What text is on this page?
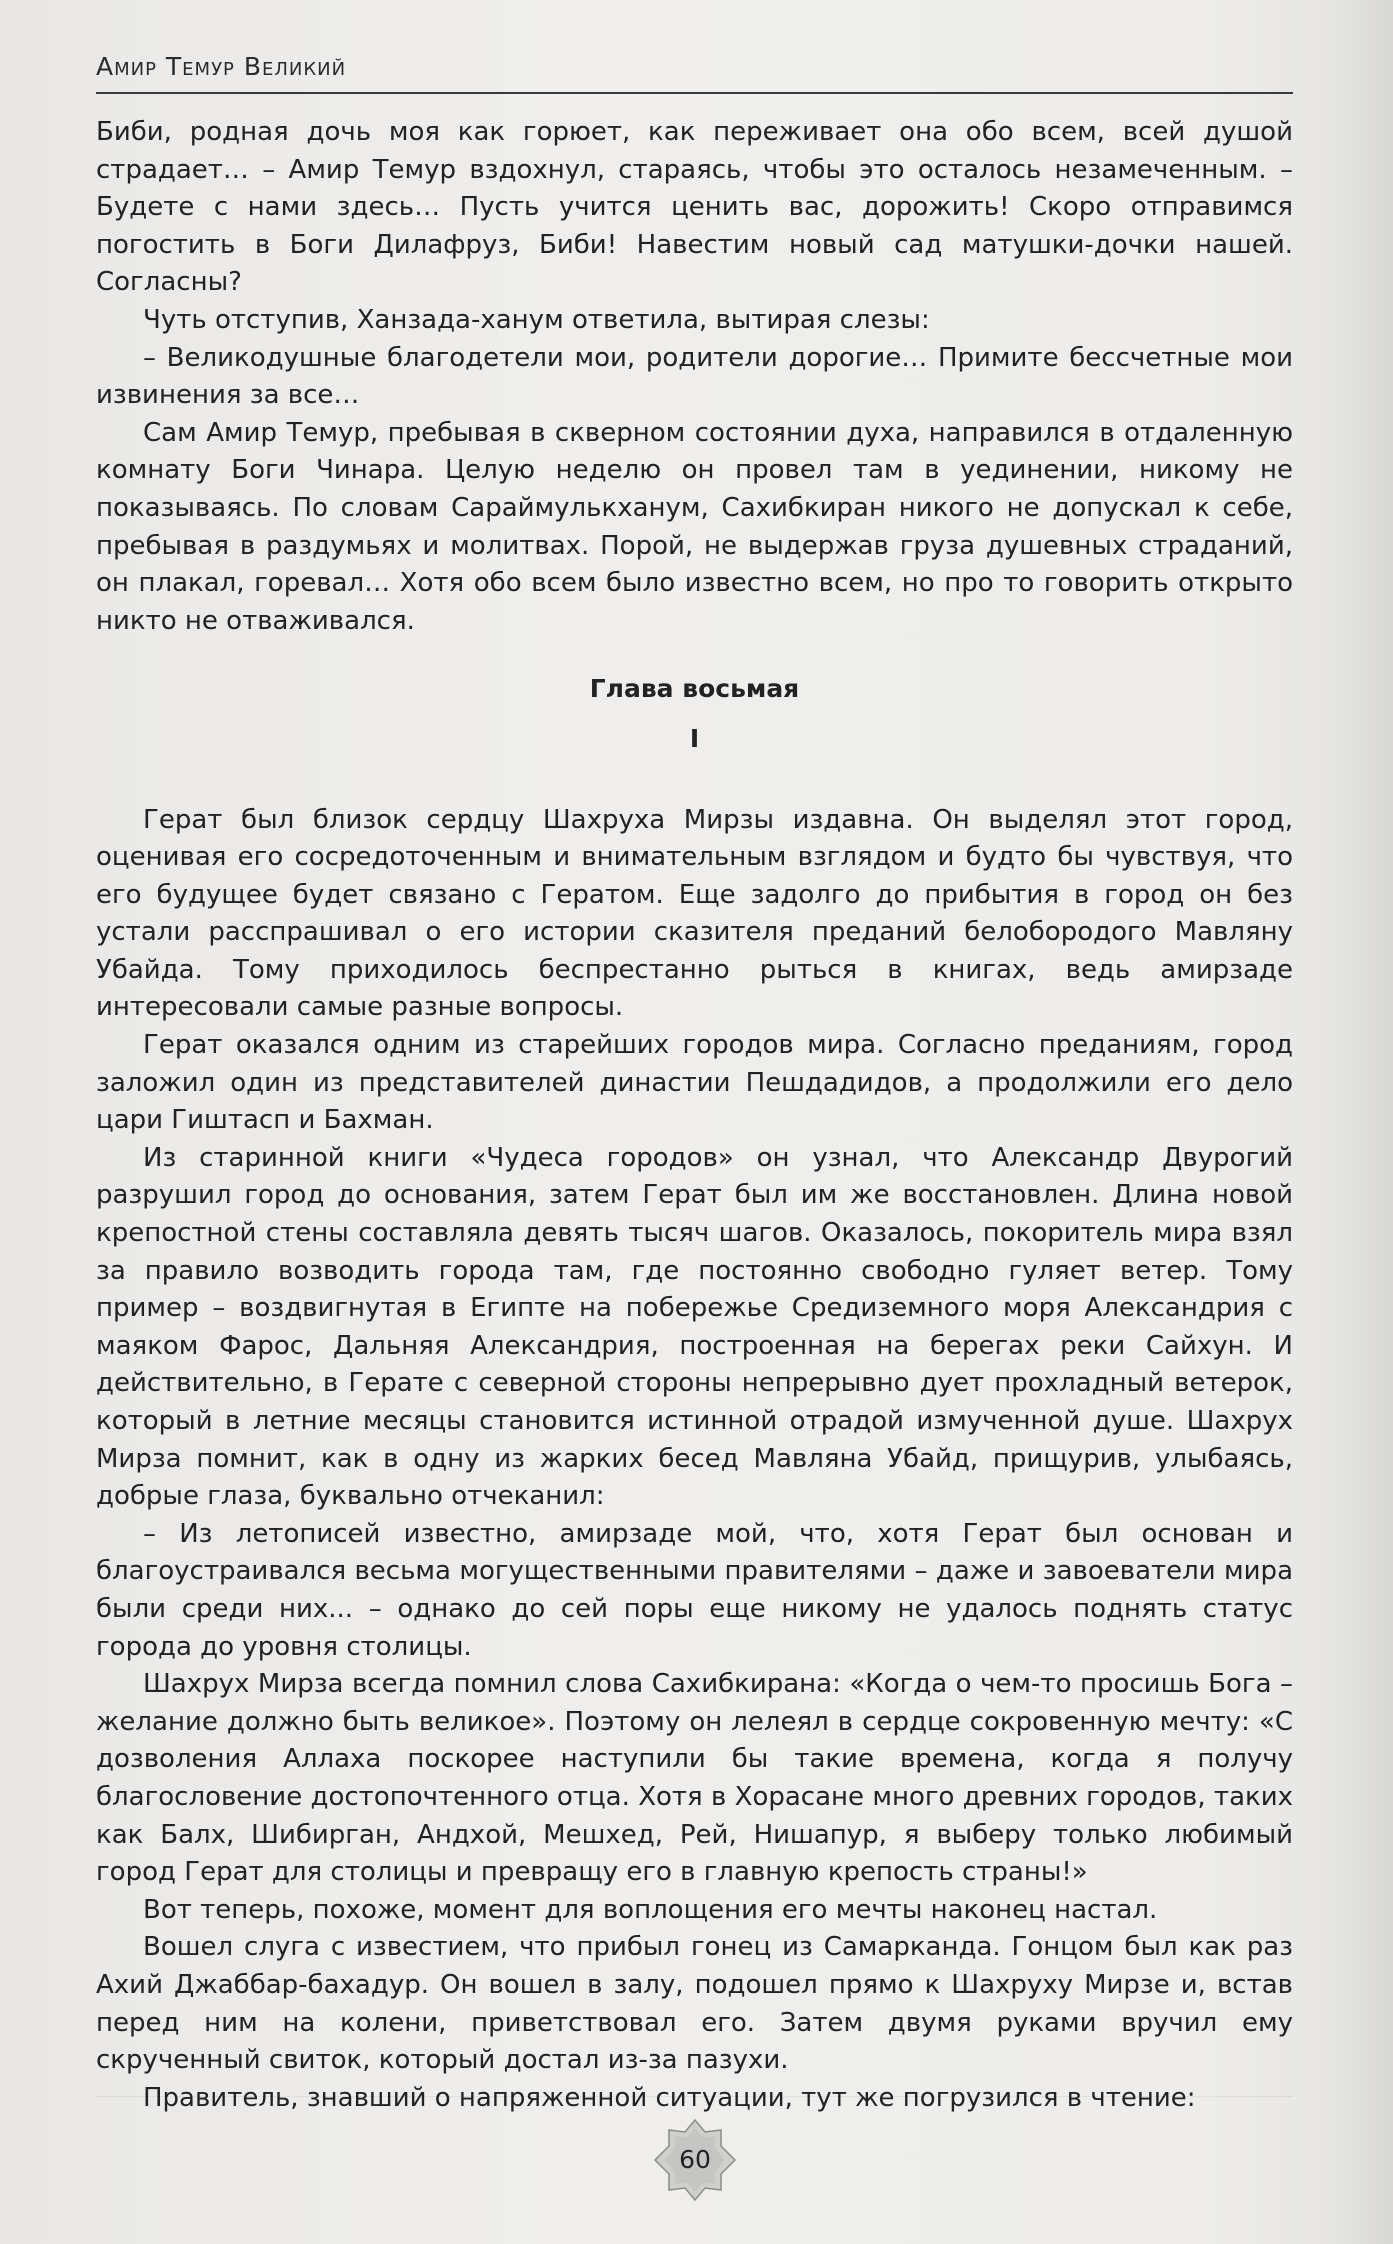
Амир Темур Великий

Биби, родная дочь моя как горюет, как переживает она обо всем, всей душой страдает… – Амир Темур вздохнул, стараясь, чтобы это осталось незамеченным. – Будете с нами здесь… Пусть учится ценить вас, дорожить! Скоро отправимся погостить в Боги Дилафруз, Биби! Навестим новый сад матушки-дочки нашей. Согласны?

Чуть отступив, Ханзада-ханум ответила, вытирая слезы:

– Великодушные благодетели мои, родители дорогие… Примите бессчетные мои извинения за все…

Сам Амир Темур, пребывая в скверном состоянии духа, направился в отдаленную комнату Боги Чинара. Целую неделю он провел там в уединении, никому не показываясь. По словам Сараймулькханум, Сахибкиран никого не допускал к себе, пребывая в раздумьях и молитвах. Порой, не выдержав груза душевных страданий, он плакал, горевал… Хотя обо всем было известно всем, но про то говорить открыто никто не отваживался.

Глава восьмая
I

Герат был близок сердцу Шахруха Мирзы издавна. Он выделял этот город, оценивая его сосредоточенным и внимательным взглядом и будто бы чувствуя, что его будущее будет связано с Гератом. Еще задолго до прибытия в город он без устали расспрашивал о его истории сказителя преданий белобородого Мавляну Убайда. Тому приходилось беспрестанно рыться в книгах, ведь амирзаде интересовали самые разные вопросы.

Герат оказался одним из старейших городов мира. Согласно преданиям, город заложил один из представителей династии Пешдадидов, а продолжили его дело цари Гиштасп и Бахман.

Из старинной книги «Чудеса городов» он узнал, что Александр Двурогий разрушил город до основания, затем Герат был им же восстановлен. Длина новой крепостной стены составляла девять тысяч шагов. Оказалось, покоритель мира взял за правило возводить города там, где постоянно свободно гуляет ветер. Тому пример – воздвигнутая в Египте на побережье Средиземного моря Александрия с маяком Фарос, Дальняя Александрия, построенная на берегах реки Сайхун. И действительно, в Герате с северной стороны непрерывно дует прохладный ветерок, который в летние месяцы становится истинной отрадой измученной душе. Шахрух Мирза помнит, как в одну из жарких бесед Мавляна Убайд, прищурив, улыбаясь, добрые глаза, буквально отчеканил:

– Из летописей известно, амирзаде мой, что, хотя Герат был основан и благоустраивался весьма могущественными правителями – даже и завоеватели мира были среди них... – однако до сей поры еще никому не удалось поднять статус города до уровня столицы.

Шахрух Мирза всегда помнил слова Сахибкирана: «Когда о чем-то просишь Бога – желание должно быть великое». Поэтому он лелеял в сердце сокровенную мечту: «С дозволения Аллаха поскорее наступили бы такие времена, когда я получу благословение достопочтенного отца. Хотя в Хорасане много древних городов, таких как Балх, Шибирган, Андхой, Мешхед, Рей, Нишапур, я выберу только любимый город Герат для столицы и превращу его в главную крепость страны!»

Вот теперь, похоже, момент для воплощения его мечты наконец настал.

Вошел слуга с известием, что прибыл гонец из Самарканда. Гонцом был как раз Ахий Джаббар-бахадур. Он вошел в залу, подошел прямо к Шахруху Мирзе и, встав перед ним на колени, приветствовал его. Затем двумя руками вручил ему скрученный свиток, который достал из-за пазухи.

Правитель, знавший о напряженной ситуации, тут же погрузился в чтение:

60
